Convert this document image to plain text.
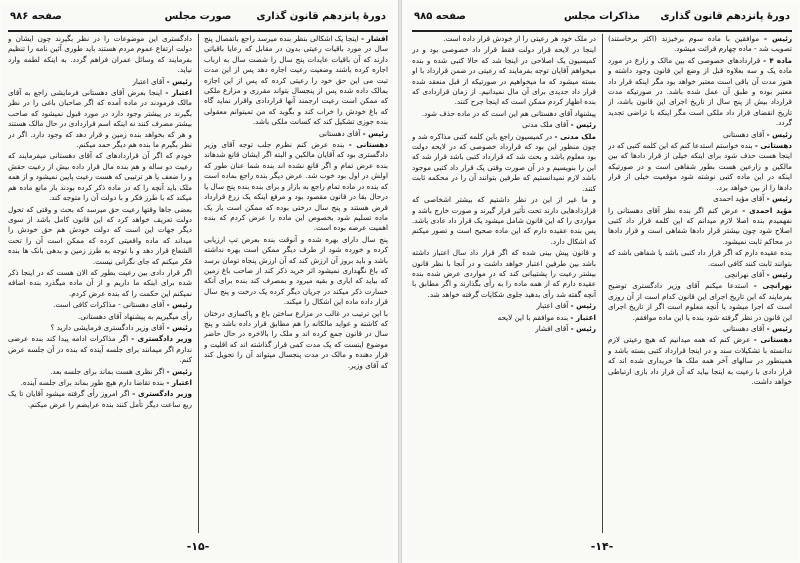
دورهٔ پانزدهم قانون گذاری
صورت مجلس
صفحه ۹۸۶

افشار - اینجا یک اشکالی بنظر بنده میرسد راجع باتفصال پنج سال در مورد باقیات رعیتی بدون در مقابل که رعایا باقیاتی دارند که آن باقیات عایدات پنج سال را شصت سال به ارباب اجاره کرده باشند وضعیت رعیت اجاره دهد پس از این مدت تبت می این حق خود را رعیتی کرده که پس از این اجازه بمالک داده شده پس از پنجسال بتواند مقرری و مزارع ملکی که ممکن است رعیت ارجمند آنها قراردادی واقرار نماید گاه که باغ خودش را خراب کند و بگوید که من تمیتوانم معقولی بنده جوزی تشکیل کند که کسانت ملکی باشد.

رئیس - آقای دهستانی

دهستانی - بنده عرض کنم نظرم جلب توجه آقای وزیر دادگستری بود که آقایان مالکین و البته اگر ایشان قانع شدهاند بنده عرض تمام و اگر قانع نشده اند بنده شما عنان طور که اولش در اول بود خوب شد. عرض دیگر بنده راجع بماده است که بنده در ماده تمام راجع به بازار و برای بنده بنده پنج سال یا درحال بقا در قانون مقصود بود و مرفع اینکه یک زرع قرارداد قرض هستند و پنج سال درختی بوده که ممکن است باز یک ماده تسلیم شود بخصوص این ماده را عرض کردم که بنده اهمیت عرضه بوده است.

پنج سال دارای بهره شده و آنوقت بنده بعرض تپ ارزیابی کرده و خورده شود از طرف دیگر ممکن است بهره نداشته باشد و باید بروز آن ارزش کند که آن ارزش پنجاه تومان برسد که باغ نگهداری نمیشود اثر خرید ذکر کند از صاحب باغ زمین که بیاید که ایاری و بقیه میرود و بمصرف کند بنده برای آنکه خسارت ذکر میکند در جریان دیگر کرده یک درخت و پنج سال قرار داده ماده این اشکال را میکند.

با این ترتیب در غالب در مزارع ساختن باغ و پاکسازی درختان که کاشته و عواید مالکانه را هم مطابق قرار داده باشد و پنج سال در قانون جمع کرده اند و ملک را بالاخره در حال حاضر موضوع اینست که یک مدت کمی قرار گذاشته اند که اقلیت و قرار دهنده و مالک در مدت پنجسال میتواند آن را تحویل کند که آقای وزیر.

دادگستری این موضوعات را در نظر بگیرند چون ایشان و دولت ارتفاع عموم مردم هستند باید طوری آئین نامه را تنظیم بفرمایند که وسائل عمران فراهم گردد. به اینکه لطمه وارد نیاید.

رئیس - آقای اعتبار

اعتبار - اینجا بعرض آقای دهستانی فرمایشی راجع به آقای مالک فرمودند در ماده آمده که اگر صاحبان باغی را در نظر بگیرند در پیشتر وجود دارد در مورد قبول نمیشود که صاحب بیشتر مصرف کنند نه اینکه اسم قراردادی در حال مالک هستند و هر که بخواهد بنده زمین و قرار دهد که وجود دارد. اگر در نظر بگیرم ما بنده هم دیگر حمد میکنم.

خودم که اگر آن قراردادهای که آقای دهستانی میفرمایند که رعیت دو ساله و هم بنده مال قرار داده بیش از رعیت حقش و را ضعف یا هر ترتیبی که هست رعیت پایین نمیشود و از همه ملک باید آنچه را که در ماده ذکر کرده بودند بار مانع ماده هم میکند که با طرز فکر و با دولت آن را متوجه کند.

بعضی جاها وقتها رعیت حق میرسد که بحث و وقتی که تحول دولت تعریف خواهد کرد که این قانون کامل باشد از سوی دیگر جهات این است که دولت خودش هم حق خودش را میداند که ماده واقعیتی کرده که ممکن است آن را تحت الشعاع قرار دهد و با توجه به طرز زمین و بدهی بانک ها بنده فکر میکنم که جای نگرانی نیست.

اگر قرار دادی بین رعیت بطور که الان هست که در اینجا ذکر شده برای اینکه ما داریم و از آن ماده میگذرد بنده اضافه نمیکنم این حکمت را که بنده عرض کردم.

رئیس - آقای دهستانی - مذاکرات کافی است.

رأی میگیریم به پیشنهاد آقای دهستانی.

رئیس - آقای وزیر دادگستری فرمایشی دارید ؟

وزیر دادگستری - اگر مذاکرات ادامه پیدا کند بنده عرضی ندارم اگر میمانند برای جلسه آینده که بنده در آن جلسه عرض کنم.

رئیس - اگر نظری هست بماند برای جلسه بعد.

اعتبار - بنده تقاضا دارم هیچ طور بماند برای جلسه آینده.

وزیر دادگستری - اگر امروز رأی گرفته میشود آقایان تا یک ربع ساعت دیگر تأمل کنند بنده عرایضم را عرض میکنم.

-۱۵-
دورهٔ پانزدهم قانون گذاری
مذاکرات مجلس
صفحه ۹۸۵

رئیس - موافقین با ماده سوم برخیزند (اکثر برخاستند) تصویب شد - ماده چهارم قرائت میشود.

ماده ۴ - قراردادهای خصوصی که بین مالک و زارع در مورد ماده یک و سه بعلاوه قبل از وضع این قانون وجود داشته و هنوز مدت آن باقی است معتبر خواهد بود مگر اینکه قرار داد معتبر بوده و طبق آن عمل شده باشد. در صورتیکه مدت قرارداد بیش از پنج سال از تاریخ اجرای این قانون باشد، از تاریخ انقضای قرار داد ملکی است مگر اینکه با تراضی تجدید گردد.

رئیس - آقای دهستانی

دهستانی - بنده خواستم استدعا کنم که این کلمه کتبی که در اینجا هست حذف شود برای اینکه خیلی از قرار دادها که بین مالکین و زارعین هست بطور شفاهی است و در صورتیکه اینکه در این ماده کتبی نوشته شود موقعیت خیلی از قرار دادها را از بین خواهد برد.

رئیس - آقای مؤید احمدی

مؤید احمدی - عرض کنم اگر بنده نظر آقای دهستانی را نفهمیدم بنده اصلا لازم میدانم که این کلمه قرار داد کتبی اصلاح شود چون بیشتر قرار دادها شفاهی است و قرار دادها در محاکم ثابت نمیشود.

بنده عقیده دارم که اگر قرار داد کتبی باشد یا شفاهی باشد که بتوانند ثابت کنند کافی است.

رئیس - آقای نهرانچی

نهرانچی - استدعا میکنم آقای وزیر دادگستری توضیح بفرمایند که این تاریخ اجرای این قانون کدام است از آن روزی است که اجرا میشود یا آنچه معلوم است اگر از تاریخ اجرای این قانون در نظر گرفته شود بنده با این ماده موافقم.

رئیس - آقای دهستانی

دهستانی - عرض کنم که همه میدانیم که هیچ رعیتی لازم ندانسته با تشکیلات سند و در اینجا قرارداد کتبی بسته باشد و همینطور در سالهای آخر همه ملک ها خریداری شده اند که قرار دادی با رعیت به اینجا بیاید که آن قرار داد بازی ارتباطی خواهد داشت.

در ملک خود هر رعیتی را از خودش قرار داده است.

اینجا در لایحه قرار دولت فقط قرار داد خصوصی بود و در کمیسیون یک اصلاحی در اینجا شد که حالا کتبی شده و بنده میخواهم آقایان توجه بفرمایند که رعیتی در ضمن قرارداد با او بسته میشود که ما میخواهیم در صورتیکه از قبل منعقد شده قرار داد جدیدی برای آن مال نمیدانیم. از زمان قراردادی که بنده اظهار کردم ممکن است که اینجا جرح کنند.

پیشنهاد آقای دهستانی هم این است که در ماده حذف شود.

رئیس - آقای ملک مدنی

ملک مدنی - در کمیسیون راجع باین کلمه کتبی مذاکره شد و چون منظور این بود که قرارداد خصوصی که در لایحه دولت بود معلوم باشد و بحث شد که قرارداد کتبی باشد قرار شد که این را بنویسیم و در آن صورت وقتی یک قرار داد کتبی موجود باشد لازم نمیدانستیم که طرفین بتوانند آن را در محکمه ثابت کنند.

و ما غیر از این در نظر داشتیم که بیشتر اشخاصی که قراردادهایی دارند تحت تأثیر قرار گیرند و صورت خارج باشد و مواردی را که این قانون شامل میشود یک قرار داد عادی باشد. پس بنده عقیده دارم که این ماده صحیح است و تصور میکنم که اشکال دارد.

و قانون پیش بینی شده که اگر قرار داد سال اعتبار داشته باشد بین طرفین اعتبار خواهد داشت و در آنجا با نظر قانون بیشتر رعیت را پشتیبانی کند که در مواردی عرض شده بنده عقیده دارم که از همه ماده را به رأی بگذارند و اگر مطابق با آنچه گفته شد رأی بدهید جلوی شکایات گرفته خواهد شد.

رئیس - آقای اعتبار

اعتبار - بنده موافقم با این لایحه

رئیس - آقای افشار

-۱۴-
